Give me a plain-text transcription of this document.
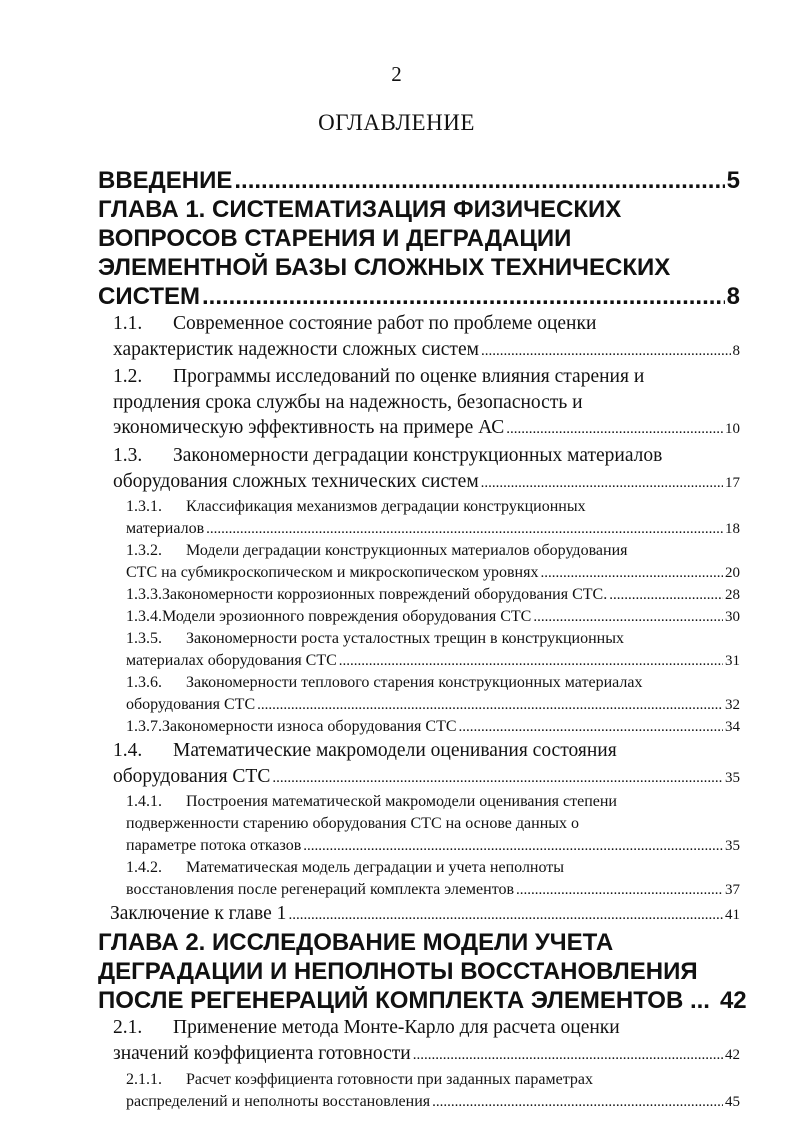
2
ОГЛАВЛЕНИЕ
ВВЕДЕНИЕ .....	5
ГЛАВА 1. СИСТЕМАТИЗАЦИЯ ФИЗИЧЕСКИХ
ВОПРОСОВ СТАРЕНИЯ И ДЕГРАДАЦИИ
ЭЛЕМЕНТНОЙ БАЗЫ СЛОЖНЫХ ТЕХНИЧЕСКИХ
СИСТЕМ .....	8
1.1.	Современное состояние работ по проблеме оценки
характеристик надежности сложных систем .....	8
1.2.	Программы исследований по оценке влияния старения и
продления срока службы на надежность, безопасность и
экономическую эффективность на примере АС .....	10
1.3.	Закономерности деградации конструкционных материалов
оборудования сложных технических систем .....	17
1.3.1.	Классификация механизмов деградации конструкционных
материалов .....	18
1.3.2.	Модели деградации конструкционных материалов оборудования
СТС на субмикроскопическом и микроскопическом уровнях .....	20
1.3.3. Закономерности коррозионных повреждений оборудования СТС. .....	28
1.3.4. Модели эрозионного повреждения оборудования СТС .....	30
1.3.5.	Закономерности роста усталостных трещин в конструкционных
материалах оборудования СТС .....	31
1.3.6.	Закономерности теплового старения конструкционных материалах
оборудования СТС .....	32
1.3.7. Закономерности износа оборудования СТС .....	34
1.4.	Математические макромодели оценивания состояния
оборудования СТС .....	35
1.4.1.	Построения математической макромодели оценивания степени
подверженности старению оборудования СТС на основе данных о
параметре потока отказов .....	35
1.4.2.	Математическая модель деградации и учета неполноты
восстановления после регенераций комплекта элементов .....	37
Заключение к главе 1 .....	41
ГЛАВА 2. ИССЛЕДОВАНИЕ МОДЕЛИ УЧЕТА
ДЕГРАДАЦИИ И НЕПОЛНОТЫ ВОССТАНОВЛЕНИЯ
ПОСЛЕ РЕГЕНЕРАЦИЙ КОМПЛЕКТА ЭЛЕМЕНТОВ ... 42
2.1.	Применение метода Монте-Карло для расчета оценки
значений коэффициента готовности .....	42
2.1.1.	Расчет коэффициента готовности при заданных параметрах
распределений и неполноты восстановления .....	45
